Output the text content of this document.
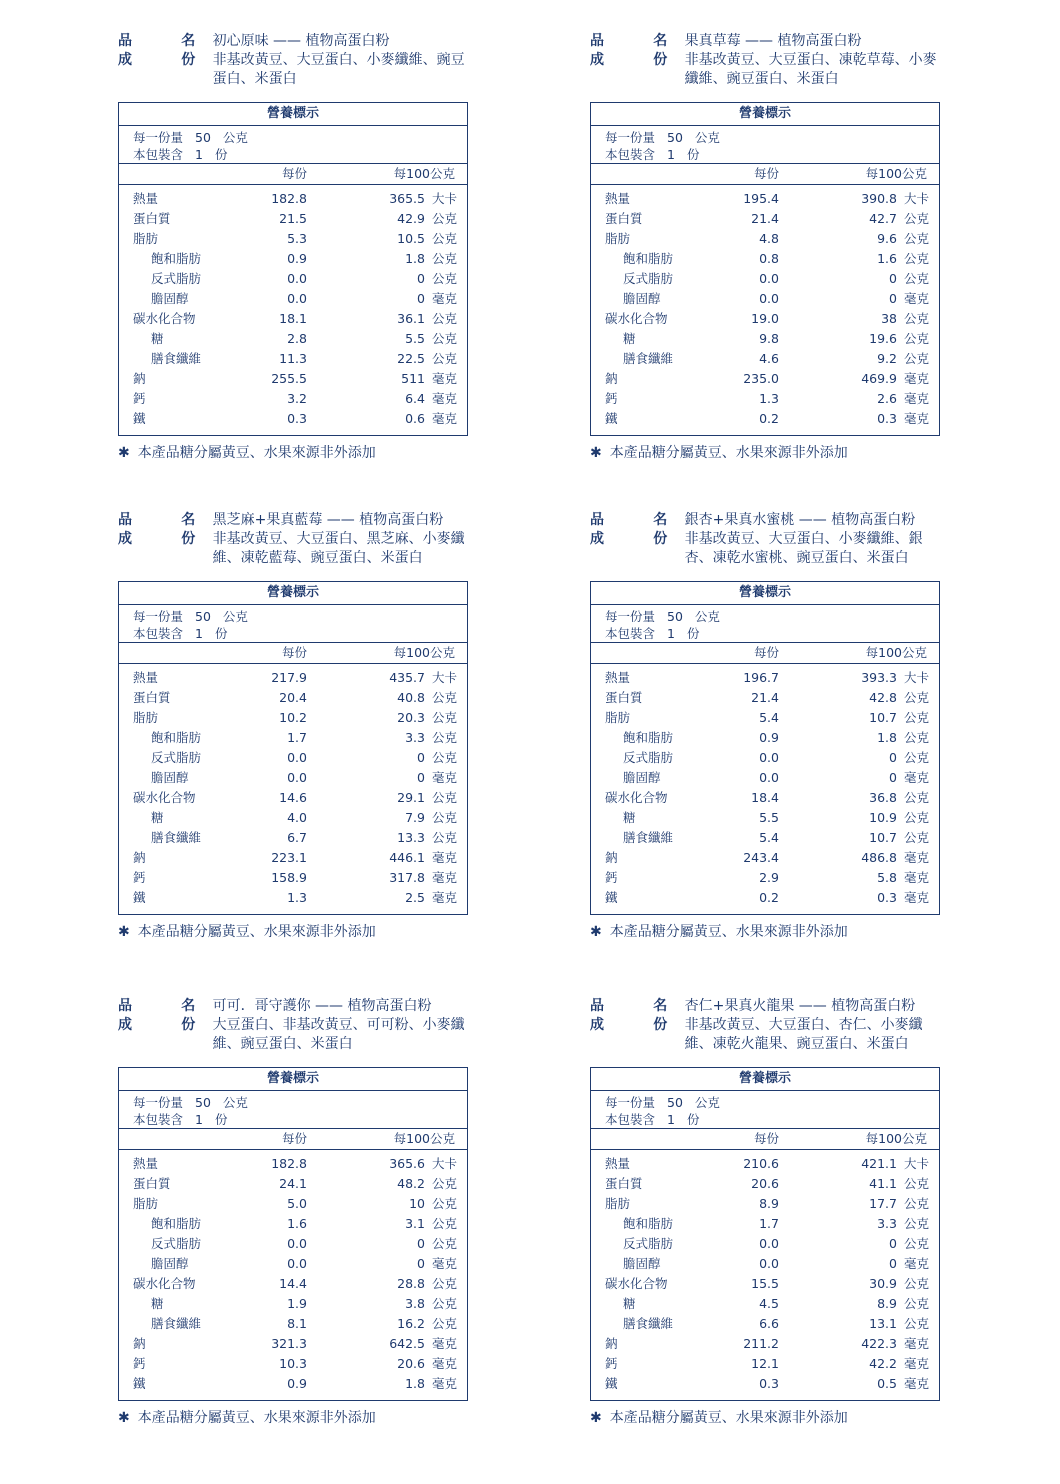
品	名 初心原味 —— 植物高蛋白粉
成	份 非基改黃豆、大豆蛋白、小麥纖維、豌豆蛋白、米蛋白
營養標示
每一份量 50 公克
本包裝含 1 份
每份	每100公克
熱量	182.8	365.5 大卡
蛋白質	21.5	42.9 公克
脂肪	5.3	10.5 公克
飽和脂肪	0.9	1.8 公克
反式脂肪	0.0	0 公克
膽固醇	0.0	0 毫克
碳水化合物	18.1	36.1 公克
糖	2.8	5.5 公克
膳食纖維	11.3	22.5 公克
鈉	255.5	511 毫克
鈣	3.2	6.4 毫克
鐵	0.3	0.6 毫克
✱ 本產品糖分屬黃豆、水果來源非外添加
品	名 果真草莓 —— 植物高蛋白粉
成	份 非基改黃豆、大豆蛋白、凍乾草莓、小麥纖維、豌豆蛋白、米蛋白
營養標示
每一份量 50 公克
本包裝含 1 份
每份	每100公克
熱量	195.4	390.8 大卡
蛋白質	21.4	42.7 公克
脂肪	4.8	9.6 公克
飽和脂肪	0.8	1.6 公克
反式脂肪	0.0	0 公克
膽固醇	0.0	0 毫克
碳水化合物	19.0	38 公克
糖	9.8	19.6 公克
膳食纖維	4.6	9.2 公克
鈉	235.0	469.9 毫克
鈣	1.3	2.6 毫克
鐵	0.2	0.3 毫克
✱ 本產品糖分屬黃豆、水果來源非外添加
品	名 黑芝麻+果真藍莓 —— 植物高蛋白粉
成	份 非基改黃豆、大豆蛋白、黑芝麻、小麥纖維、凍乾藍莓、豌豆蛋白、米蛋白
營養標示
每一份量 50 公克
本包裝含 1 份
每份	每100公克
熱量	217.9	435.7 大卡
蛋白質	20.4	40.8 公克
脂肪	10.2	20.3 公克
飽和脂肪	1.7	3.3 公克
反式脂肪	0.0	0 公克
膽固醇	0.0	0 毫克
碳水化合物	14.6	29.1 公克
糖	4.0	7.9 公克
膳食纖維	6.7	13.3 公克
鈉	223.1	446.1 毫克
鈣	158.9	317.8 毫克
鐵	1.3	2.5 毫克
✱ 本產品糖分屬黃豆、水果來源非外添加
品	名 銀杏+果真水蜜桃 —— 植物高蛋白粉
成	份 非基改黃豆、大豆蛋白、小麥纖維、銀杏、凍乾水蜜桃、豌豆蛋白、米蛋白
營養標示
每一份量 50 公克
本包裝含 1 份
每份	每100公克
熱量	196.7	393.3 大卡
蛋白質	21.4	42.8 公克
脂肪	5.4	10.7 公克
飽和脂肪	0.9	1.8 公克
反式脂肪	0.0	0 公克
膽固醇	0.0	0 毫克
碳水化合物	18.4	36.8 公克
糖	5.5	10.9 公克
膳食纖維	5.4	10.7 公克
鈉	243.4	486.8 毫克
鈣	2.9	5.8 毫克
鐵	0.2	0.3 毫克
✱ 本產品糖分屬黃豆、水果來源非外添加
品	名 可可．哥守護你 —— 植物高蛋白粉
成	份 大豆蛋白、非基改黃豆、可可粉、小麥纖維、豌豆蛋白、米蛋白
營養標示
每一份量 50 公克
本包裝含 1 份
每份	每100公克
熱量	182.8	365.6 大卡
蛋白質	24.1	48.2 公克
脂肪	5.0	10 公克
飽和脂肪	1.6	3.1 公克
反式脂肪	0.0	0 公克
膽固醇	0.0	0 毫克
碳水化合物	14.4	28.8 公克
糖	1.9	3.8 公克
膳食纖維	8.1	16.2 公克
鈉	321.3	642.5 毫克
鈣	10.3	20.6 毫克
鐵	0.9	1.8 毫克
✱ 本產品糖分屬黃豆、水果來源非外添加
品	名 杏仁+果真火龍果 —— 植物高蛋白粉
成	份 非基改黃豆、大豆蛋白、杏仁、小麥纖維、凍乾火龍果、豌豆蛋白、米蛋白
營養標示
每一份量 50 公克
本包裝含 1 份
每份	每100公克
熱量	210.6	421.1 大卡
蛋白質	20.6	41.1 公克
脂肪	8.9	17.7 公克
飽和脂肪	1.7	3.3 公克
反式脂肪	0.0	0 公克
膽固醇	0.0	0 毫克
碳水化合物	15.5	30.9 公克
糖	4.5	8.9 公克
膳食纖維	6.6	13.1 公克
鈉	211.2	422.3 毫克
鈣	12.1	42.2 毫克
鐵	0.3	0.5 毫克
✱ 本產品糖分屬黃豆、水果來源非外添加
